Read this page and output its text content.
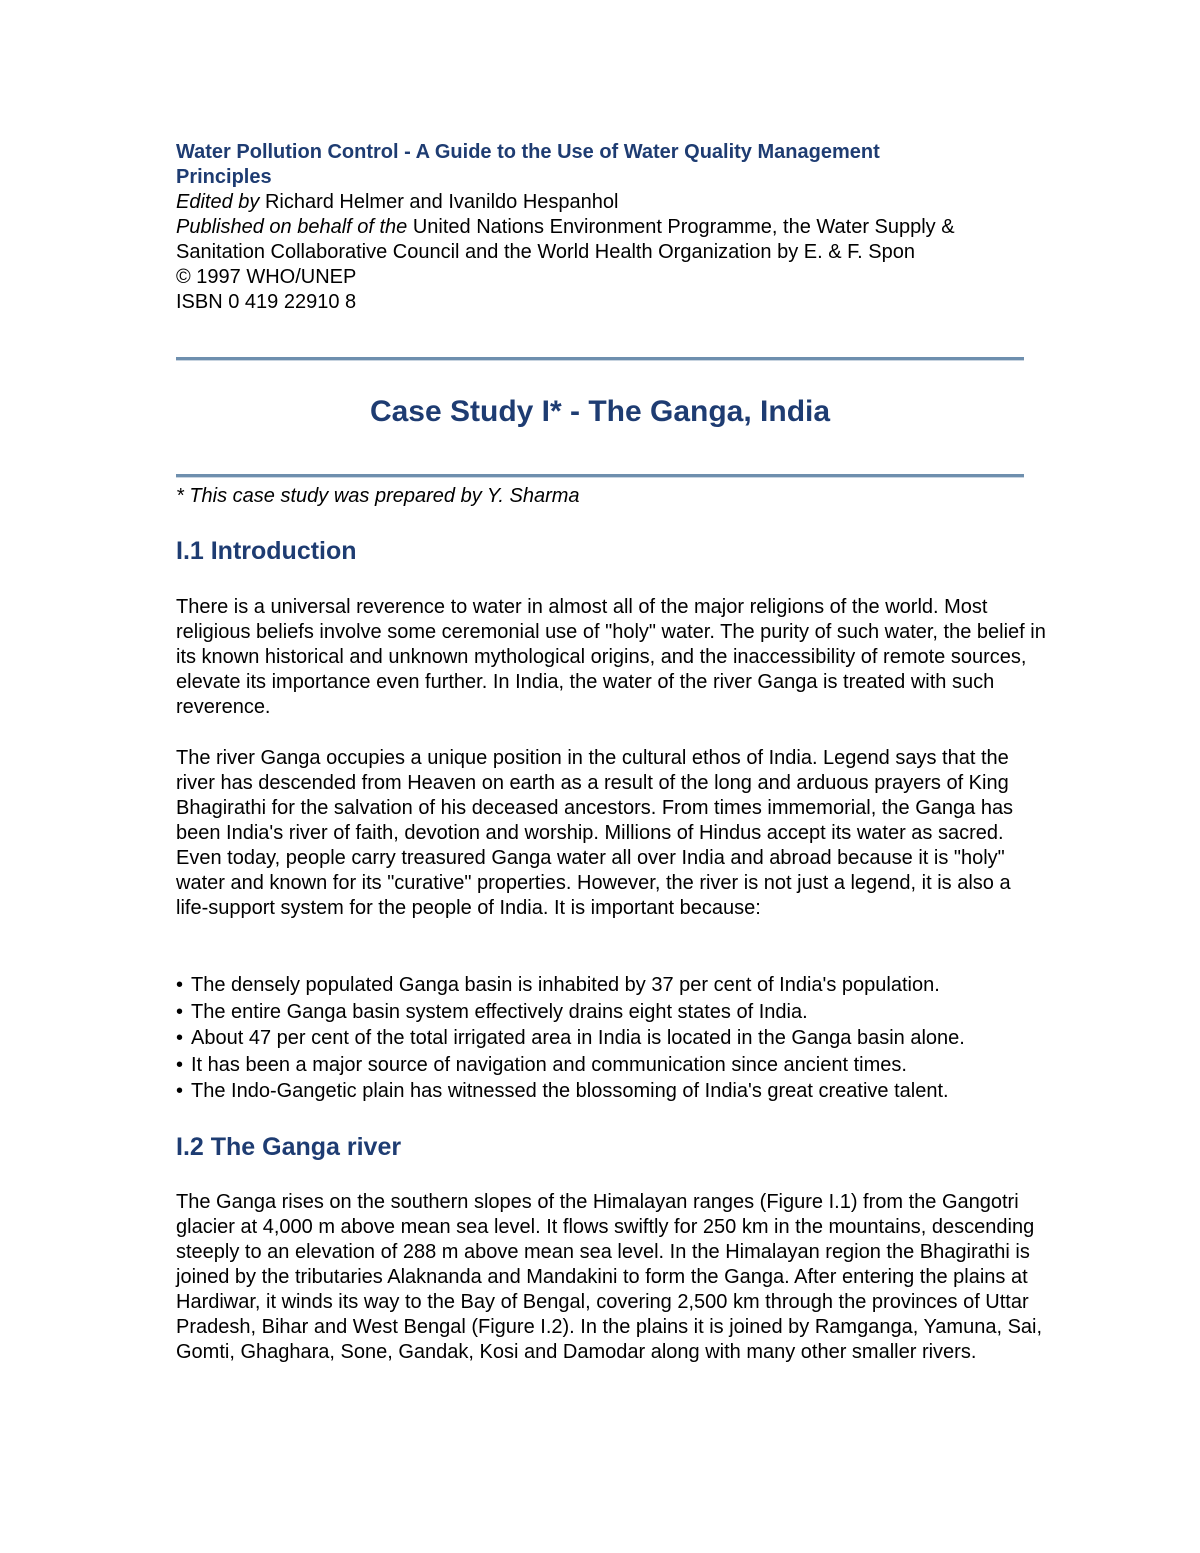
Water Pollution Control - A Guide to the Use of Water Quality Management Principles
Edited by Richard Helmer and Ivanildo Hespanhol
Published on behalf of the United Nations Environment Programme, the Water Supply &
Sanitation Collaborative Council and the World Health Organization by E. & F. Spon
© 1997 WHO/UNEP
ISBN 0 419 22910 8
Case Study I* - The Ganga, India
* This case study was prepared by Y. Sharma
I.1 Introduction
There is a universal reverence to water in almost all of the major religions of the world. Most religious beliefs involve some ceremonial use of "holy" water. The purity of such water, the belief in its known historical and unknown mythological origins, and the inaccessibility of remote sources, elevate its importance even further. In India, the water of the river Ganga is treated with such reverence.
The river Ganga occupies a unique position in the cultural ethos of India. Legend says that the river has descended from Heaven on earth as a result of the long and arduous prayers of King Bhagirathi for the salvation of his deceased ancestors. From times immemorial, the Ganga has been India's river of faith, devotion and worship. Millions of Hindus accept its water as sacred. Even today, people carry treasured Ganga water all over India and abroad because it is "holy" water and known for its "curative" properties. However, the river is not just a legend, it is also a life-support system for the people of India. It is important because:
• The densely populated Ganga basin is inhabited by 37 per cent of India's population.
• The entire Ganga basin system effectively drains eight states of India.
• About 47 per cent of the total irrigated area in India is located in the Ganga basin alone.
• It has been a major source of navigation and communication since ancient times.
• The Indo-Gangetic plain has witnessed the blossoming of India's great creative talent.
I.2 The Ganga river
The Ganga rises on the southern slopes of the Himalayan ranges (Figure I.1) from the Gangotri glacier at 4,000 m above mean sea level. It flows swiftly for 250 km in the mountains, descending steeply to an elevation of 288 m above mean sea level. In the Himalayan region the Bhagirathi is joined by the tributaries Alaknanda and Mandakini to form the Ganga. After entering the plains at Hardiwar, it winds its way to the Bay of Bengal, covering 2,500 km through the provinces of Uttar Pradesh, Bihar and West Bengal (Figure I.2). In the plains it is joined by Ramganga, Yamuna, Sai, Gomti, Ghaghara, Sone, Gandak, Kosi and Damodar along with many other smaller rivers.
